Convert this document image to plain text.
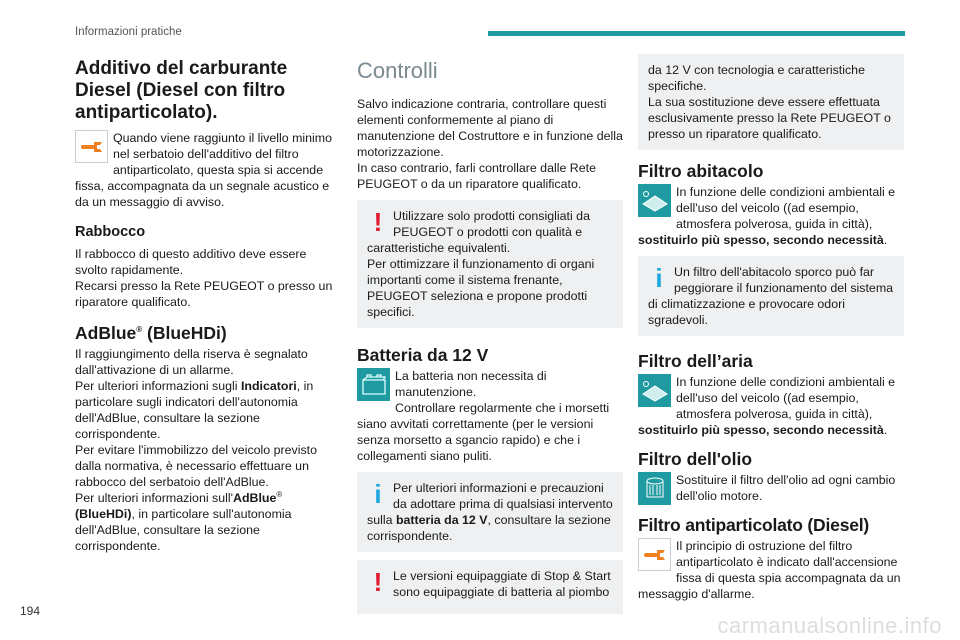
Informazioni pratiche
194
carmanualsonline.info
Additivo del carburante Diesel (Diesel con filtro antiparticolato).

Quando viene raggiunto il livello minimo nel serbatoio dell'additivo del filtro antiparticolato, questa spia si accende fissa, accompagnata da un segnale acustico e da un messaggio di avviso.

Rabbocco

Il rabbocco di questo additivo deve essere svolto rapidamente.

Recarsi presso la Rete PEUGEOT o presso un riparatore qualificato.

AdBlue® (BlueHDi)

Il raggiungimento della riserva è segnalato dall'attivazione di un allarme.

Per ulteriori informazioni sugli Indicatori, in particolare sugli indicatori dell'autonomia dell'AdBlue, consultare la sezione corrispondente.

Per evitare l'immobilizzo del veicolo previsto dalla normativa, è necessario effettuare un rabbocco del serbatoio dell'AdBlue.

Per ulteriori informazioni sull'AdBlue® (BlueHDi), in particolare sull'autonomia dell'AdBlue, consultare la sezione corrispondente.

Controlli

Salvo indicazione contraria, controllare questi elementi conformemente al piano di manutenzione del Costruttore e in funzione della motorizzazione.

In caso contrario, farli controllare dalle Rete PEUGEOT o da un riparatore qualificato.

! Utilizzare solo prodotti consigliati da PEUGEOT o prodotti con qualità e caratteristiche equivalenti.

Per ottimizzare il funzionamento di organi importanti come il sistema frenante, PEUGEOT seleziona e propone prodotti specifici.

Batteria da 12 V

La batteria non necessita di manutenzione.

Controllare regolarmente che i morsetti siano avvitati correttamente (per le versioni senza morsetto a sgancio rapido) e che i collegamenti siano puliti.

i Per ulteriori informazioni e precauzioni da adottare prima di qualsiasi intervento sulla batteria da 12 V, consultare la sezione corrispondente.

! Le versioni equipaggiate di Stop & Start sono equipaggiate di batteria al piombo

da 12 V con tecnologia e caratteristiche specifiche.

La sua sostituzione deve essere effettuata esclusivamente presso la Rete PEUGEOT o presso un riparatore qualificato.

Filtro abitacolo

In funzione delle condizioni ambientali e dell'uso del veicolo ((ad esempio, atmosfera polverosa, guida in città), sostituirlo più spesso, secondo necessità.

i Un filtro dell'abitacolo sporco può far peggiorare il funzionamento del sistema di climatizzazione e provocare odori sgradevoli.

Filtro dell’aria

In funzione delle condizioni ambientali e dell'uso del veicolo ((ad esempio, atmosfera polverosa, guida in città), sostituirlo più spesso, secondo necessità.

Filtro dell'olio

Sostituire il filtro dell'olio ad ogni cambio dell'olio motore.

Filtro antiparticolato (Diesel)

Il principio di ostruzione del filtro antiparticolato è indicato dall'accensione fissa di questa spia accompagnata da un messaggio d'allarme.
